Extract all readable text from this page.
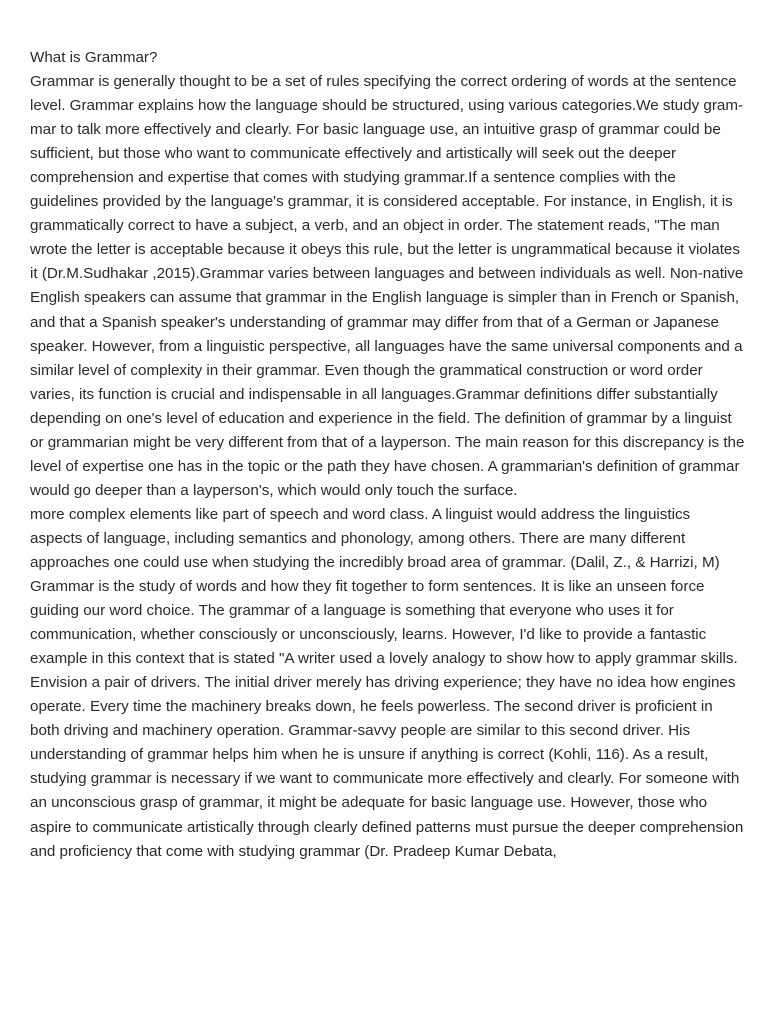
What is Grammar?

Grammar is generally thought to be a set of rules specifying the correct ordering of words at the sentence level. Grammar explains how the language should be structured, using various categories.We study gram-mar to talk more effectively and clearly. For basic language use, an intuitive grasp of grammar could be sufficient, but those who want to communicate effectively and artistically will seek out the deeper comprehension and expertise that comes with studying grammar.If a sentence complies with the guidelines provided by the language's grammar, it is considered acceptable. For instance, in English, it is grammatically correct to have a subject, a verb, and an object in order. The statement reads, "The man wrote the letter is acceptable because it obeys this rule, but the letter is ungrammatical because it violates it (Dr.M.Sudhakar ,2015).Grammar varies between languages and between individuals as well. Non-native English speakers can assume that grammar in the English language is simpler than in French or Spanish, and that a Spanish speaker's understanding of grammar may differ from that of a German or Japanese speaker. However, from a linguistic perspective, all languages have the same universal components and a similar level of complexity in their grammar. Even though the grammatical construction or word order varies, its function is crucial and indispensable in all languages.Grammar definitions differ substantially depending on one's level of education and experience in the field. The definition of grammar by a linguist or grammarian might be very different from that of a layperson. The main reason for this discrepancy is the level of expertise one has in the topic or the path they have chosen. A grammarian's definition of grammar would go deeper than a layperson's, which would only touch the surface.

more complex elements like part of speech and word class. A linguist would address the linguistics aspects of language, including semantics and phonology, among others. There are many different approaches one could use when studying the incredibly broad area of grammar. (Dalil, Z., & Harrizi, M)

Grammar is the study of words and how they fit together to form sentences. It is like an unseen force guiding our word choice. The grammar of a language is something that everyone who uses it for communication, whether consciously or unconsciously, learns. However, I'd like to provide a fantastic example in this context that is stated "A writer used a lovely analogy to show how to apply grammar skills. Envision a pair of drivers. The initial driver merely has driving experience; they have no idea how engines operate. Every time the machinery breaks down, he feels powerless. The second driver is proficient in both driving and machinery operation. Grammar-savvy people are similar to this second driver. His understanding of grammar helps him when he is unsure if anything is correct (Kohli, 116). As a result, studying grammar is necessary if we want to communicate more effectively and clearly. For someone with an unconscious grasp of grammar, it might be adequate for basic language use. However, those who aspire to communicate artistically through clearly defined patterns must pursue the deeper comprehension and proficiency that come with studying grammar (Dr. Pradeep Kumar Debata,
